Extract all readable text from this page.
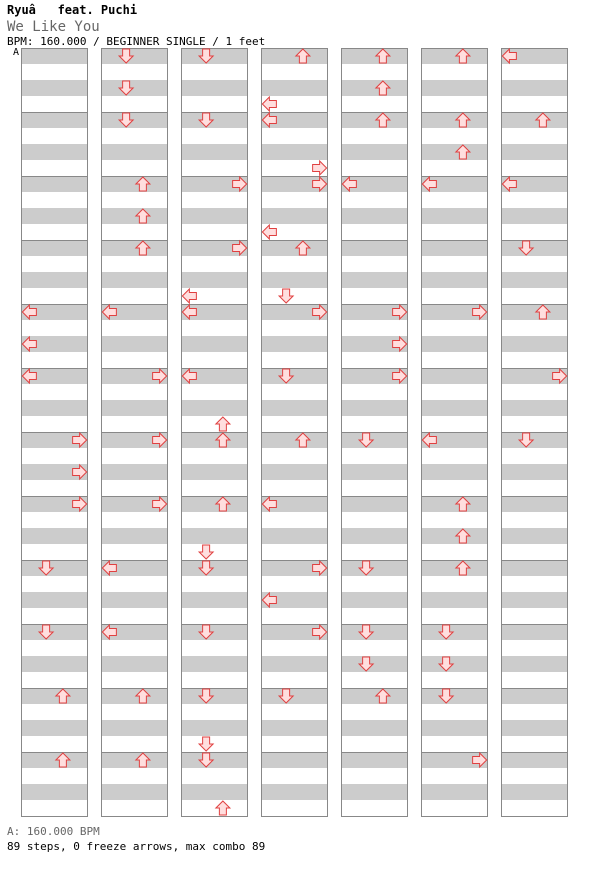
Ryuâ   feat. Puchi
We Like You
BPM: 160.000 / BEGINNER SINGLE / 1 feet
A
A: 160.000 BPM
89 steps, 0 freeze arrows, max combo 89
